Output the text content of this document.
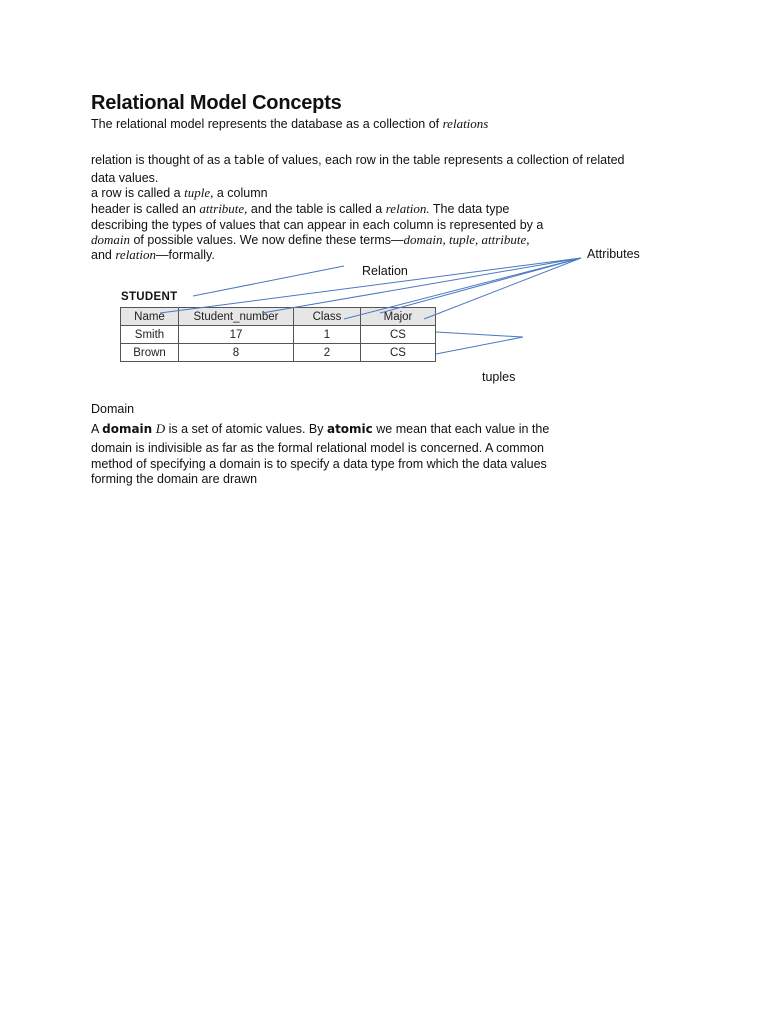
Relational Model Concepts
The relational model represents the database as a collection of relations
relation is thought of as a table of values, each row in the table represents a collection of related
data values.
a row is called a tuple, a column
header is called an attribute, and the table is called a relation. The data type
describing the types of values that can appear in each column is represented by a
domain of possible values. We now define these terms—domain, tuple, attribute,
and relation—formally.	Attributes
Relation
tuples
STUDENT
Name	Student_number	Class	Major
Smith	17	1	CS
Brown	8	2	CS
Domain
A domain D is a set of atomic values. By atomic we mean that each value in the
domain is indivisible as far as the formal relational model is concerned. A common
method of specifying a domain is to specify a data type from which the data values
forming the domain are drawn
